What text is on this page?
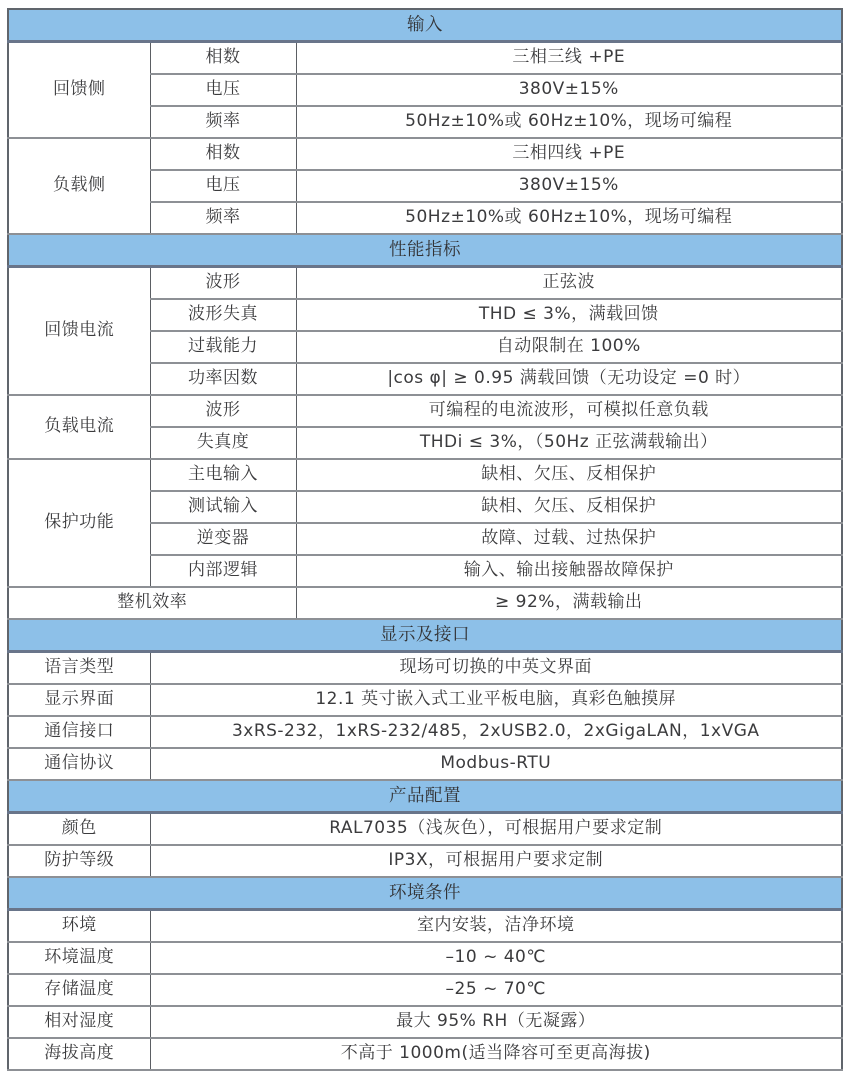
输入		
回馈侧	相数	三相三线 +PE
	电压	380V±15%
	频率	50Hz±10%或 60Hz±10%，现场可编程
负载侧	相数	三相四线 +PE
	电压	380V±15%
	频率	50Hz±10%或 60Hz±10%，现场可编程
性能指标		
回馈电流	波形	正弦波
	波形失真	THD ≤ 3%，满载回馈
	过载能力	自动限制在 100%
	功率因数	|cos φ| ≥ 0.95 满载回馈（无功设定 =0 时）
负载电流	波形	可编程的电流波形，可模拟任意负载
	失真度	THDi ≤ 3%，（50Hz 正弦满载输出）
保护功能	主电输入	缺相、欠压、反相保护
	测试输入	缺相、欠压、反相保护
	逆变器	故障、过载、过热保护
	内部逻辑	输入、输出接触器故障保护
整机效率		≥ 92%，满载输出
显示及接口		
语言类型	现场可切换的中英文界面	
显示界面	12.1 英寸嵌入式工业平板电脑，真彩色触摸屏	
通信接口	3xRS-232，1xRS-232/485，2xUSB2.0，2xGigaLAN，1xVGA	
通信协议	Modbus-RTU	
产品配置		
颜色	RAL7035（浅灰色），可根据用户要求定制	
防护等级	IP3X，可根据用户要求定制	
环境条件		
环境	室内安装，洁净环境	
环境温度	–10 ~ 40℃	
存储温度	–25 ~ 70℃	
相对湿度	最大 95% RH（无凝露）	
海拔高度	不高于 1000m(适当降容可至更高海拔)	
